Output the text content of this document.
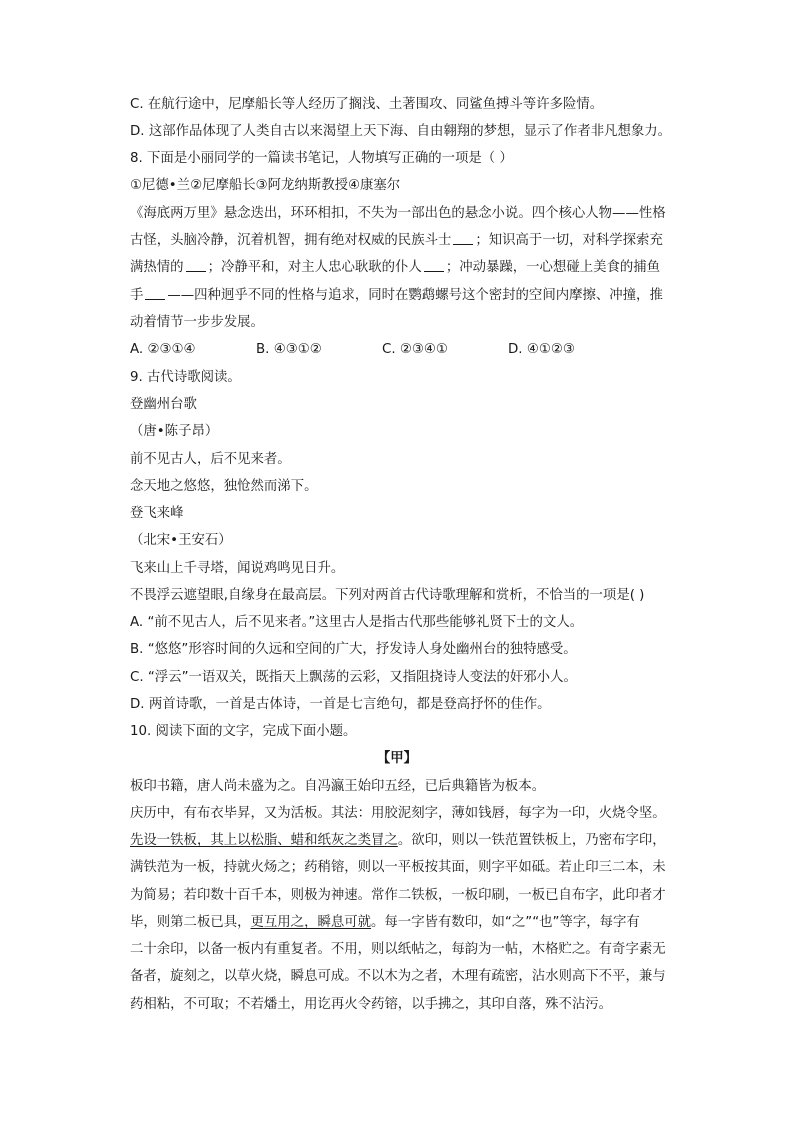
C. 在航行途中，尼摩船长等人经历了搁浅、土著围攻、同鲨鱼搏斗等许多险情。
D. 这部作品体现了人类自古以来渴望上天下海、自由翱翔的梦想，显示了作者非凡想象力。
8. 下面是小丽同学的一篇读书笔记，人物填写正确的一项是（ ）
①尼德•兰②尼摩船长③阿龙纳斯教授④康塞尔
《海底两万里》悬念迭出，环环相扣，不失为一部出色的悬念小说。四个核心人物——性格
古怪，头脑冷静，沉着机智，拥有绝对权威的民族斗士 ；知识高于一切，对科学探索充
满热情的 ；冷静平和，对主人忠心耿耿的仆人 ；冲动暴躁，一心想碰上美食的捕鱼
手 ——四种迥乎不同的性格与追求，同时在鹦鹉螺号这个密封的空间内摩擦、冲撞，推
动着情节一步步发展。
A. ②③①④	B. ④③①②	C. ②③④①	D. ④①②③
9. 古代诗歌阅读。
登幽州台歌
（唐•陈子昂）
前不见古人，后不见来者。
念天地之悠悠，独怆然而涕下。
登飞来峰
（北宋•王安石）
飞来山上千寻塔，闻说鸡鸣见日升。
不畏浮云遮望眼,自缘身在最高层。下列对两首古代诗歌理解和赏析，不恰当的一项是( )
A. “前不见古人，后不见来者。”这里古人是指古代那些能够礼贤下士的文人。
B. “悠悠”形容时间的久远和空间的广大，抒发诗人身处幽州台的独特感受。
C. “浮云”一语双关，既指天上飘荡的云彩，又指阻挠诗人变法的奸邪小人。
D. 两首诗歌，一首是古体诗，一首是七言绝句，都是登高抒怀的佳作。
10. 阅读下面的文字，完成下面小题。
【甲】
板印书籍，唐人尚未盛为之。自冯瀛王始印五经，已后典籍皆为板本。
庆历中，有布衣毕昇，又为活板。其法：用胶泥刻字，薄如钱唇，每字为一印，火烧令坚。
先设一铁板，其上以松脂、蜡和纸灰之类冒之。欲印，则以一铁范置铁板上，乃密布字印，
满铁范为一板，持就火炀之；药稍镕，则以一平板按其面，则字平如砥。若止印三二本，未
为简易；若印数十百千本，则极为神速。常作二铁板，一板印刷，一板已自布字，此印者才
毕，则第二板已具，更互用之，瞬息可就。每一字皆有数印，如“之”“也”等字，每字有
二十余印，以备一板内有重复者。不用，则以纸帖之，每韵为一帖，木格贮之。有奇字素无
备者，旋刻之，以草火烧，瞬息可成。不以木为之者，木理有疏密，沾水则高下不平，兼与
药相粘，不可取；不若燔土，用讫再火令药镕，以手拂之，其印自落，殊不沾污。
